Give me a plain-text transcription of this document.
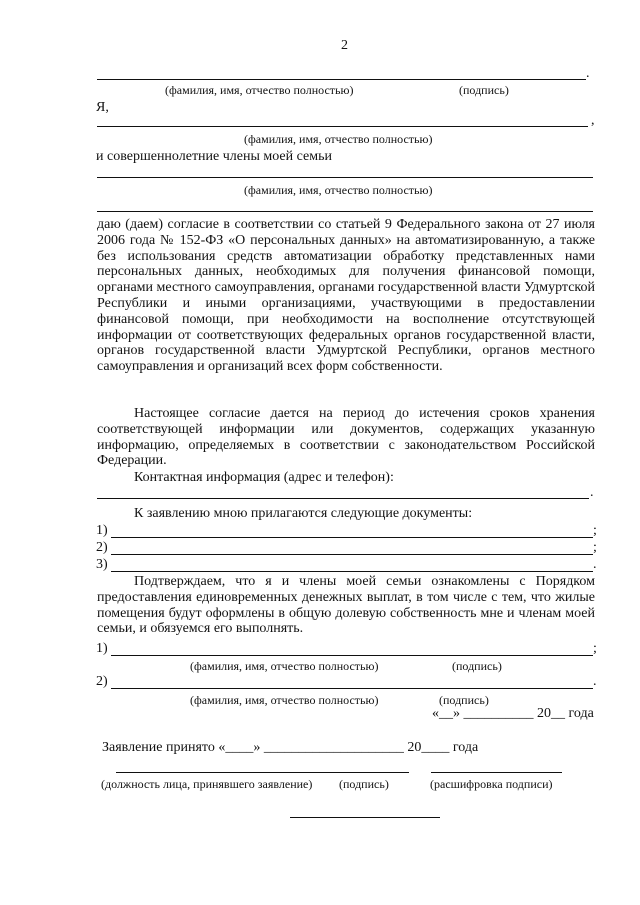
2
.
(фамилия, имя, отчество полностью)	(подпись)
Я,
,
(фамилия, имя, отчество полностью)
и совершеннолетние члены моей семьи
(фамилия, имя, отчество полностью)
даю (даем) согласие в соответствии со статьей 9 Федерального закона от 27 июля 2006 года № 152-ФЗ «О персональных данных» на автоматизированную, а также без использования средств автоматизации обработку представленных нами персональных данных, необходимых для получения финансовой помощи, органами местного самоуправления, органами государственной власти Удмуртской Республики и иными организациями, участвующими в предоставлении финансовой помощи, при необходимости на восполнение отсутствующей информации от соответствующих федеральных органов государственной власти, органов государственной власти Удмуртской Республики, органов местного самоуправления и организаций всех форм собственности.
Настоящее согласие дается на период до истечения сроков хранения соответствующей информации или документов, содержащих указанную информацию, определяемых в соответствии с законодательством Российской Федерации.
Контактная информация (адрес и телефон):
.
К заявлению мною прилагаются следующие документы:
1)	;
2)	;
3)	.
Подтверждаем, что я и члены моей семьи ознакомлены с Порядком предоставления единовременных денежных выплат, в том числе с тем, что жилые помещения будут оформлены в общую долевую собственность мне и членам моей семьи, и обязуемся его выполнять.
1)	;
(фамилия, имя, отчество полностью)	(подпись)
2)	.
(фамилия, имя, отчество полностью)	(подпись)
«__» __________ 20__ года
Заявление принято «____» ____________________ 20____ года
(должность лица, принявшего заявление) (подпись)	(расшифровка подписи)
